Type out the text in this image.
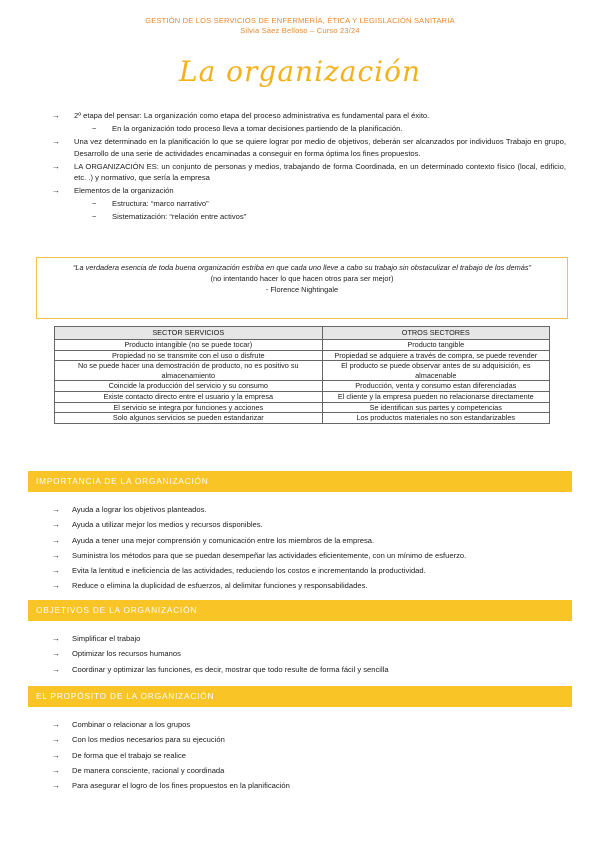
GESTIÓN DE LOS SERVICIOS DE ENFERMERÍA, ÉTICA Y LEGISLACIÓN SANITARIA
Silvia Sáez Belloso – Curso 23/24
La organización
→ 2º etapa del pensar: La organización como etapa del proceso administrativa es fundamental para el éxito.
− En la organización todo proceso lleva a tomar decisiones partiendo de la planificación.
→ Una vez determinado en la planificación lo que se quiere lograr por medio de objetivos, deberán ser alcanzados por individuos Trabajo en grupo, Desarrollo de una serie de actividades encaminadas a conseguir en forma óptima los fines propuestos.
→ LA ORGANIZACIÓN ES: un conjunto de personas y medios, trabajando de forma Coordinada, en un determinado contexto físico (local, edificio, etc. .) y normativo, que sería la empresa
→ Elementos de la organización
− Estructura: “marco narrativo”
− Sistematización: “relación entre activos”
“La verdadera esencia de toda buena organización estriba en que cada uno lleve a cabo su trabajo sin obstaculizar el trabajo de los demás”
(no intentando hacer lo que hacen otros para ser mejor)
- Florence Nightingale
SECTOR SERVICIOS	OTROS SECTORES
Producto intangible (no se puede tocar)	Producto tangible
Propiedad no se transmite con el uso o disfrute	Propiedad se adquiere a través de compra, se puede revender
No se puede hacer una demostración de producto, no es positivo su almacenamiento	El producto se puede observar antes de su adquisición, es almacenable
Coincide la producción del servicio y su consumo	Producción, venta y consumo estan diferenciadas
Existe contacto directo entre el usuario y la empresa	El cliente y la empresa pueden no relacionarse directamente
El servicio se integra por funciones y acciones	Se identifican sus partes y competencias
Solo algunos servicios se pueden estandarizar	Los productos materiales no son estandarizables
IMPORTANCIA DE LA ORGANIZACIÓN
→ Ayuda a lograr los objetivos planteados.
→ Ayuda a utilizar mejor los medios y recursos disponibles.
→ Ayuda a tener una mejor comprensión y comunicación entre los miembros de la empresa.
→ Suministra los métodos para que se puedan desempeñar las actividades eficientemente, con un mínimo de esfuerzo.
→ Evita la lentitud e ineficiencia de las actividades, reduciendo los costos e incrementando la productividad.
→ Reduce o elimina la duplicidad de esfuerzos, al delimitar funciones y responsabilidades.
OBJETIVOS DE LA ORGANIZACIÓN
→ Simplificar el trabajo
→ Optimizar los recursos humanos
→ Coordinar y optimizar las funciones, es decir, mostrar que todo resulte de forma fácil y sencilla
EL PROPÓSITO DE LA ORGANIZACIÓN
→ Combinar o relacionar a los grupos
→ Con los medios necesarios para su ejecución
→ De forma que el trabajo se realice
→ De manera consciente, racional y coordinada
→ Para asegurar el logro de los fines propuestos en la planificación
